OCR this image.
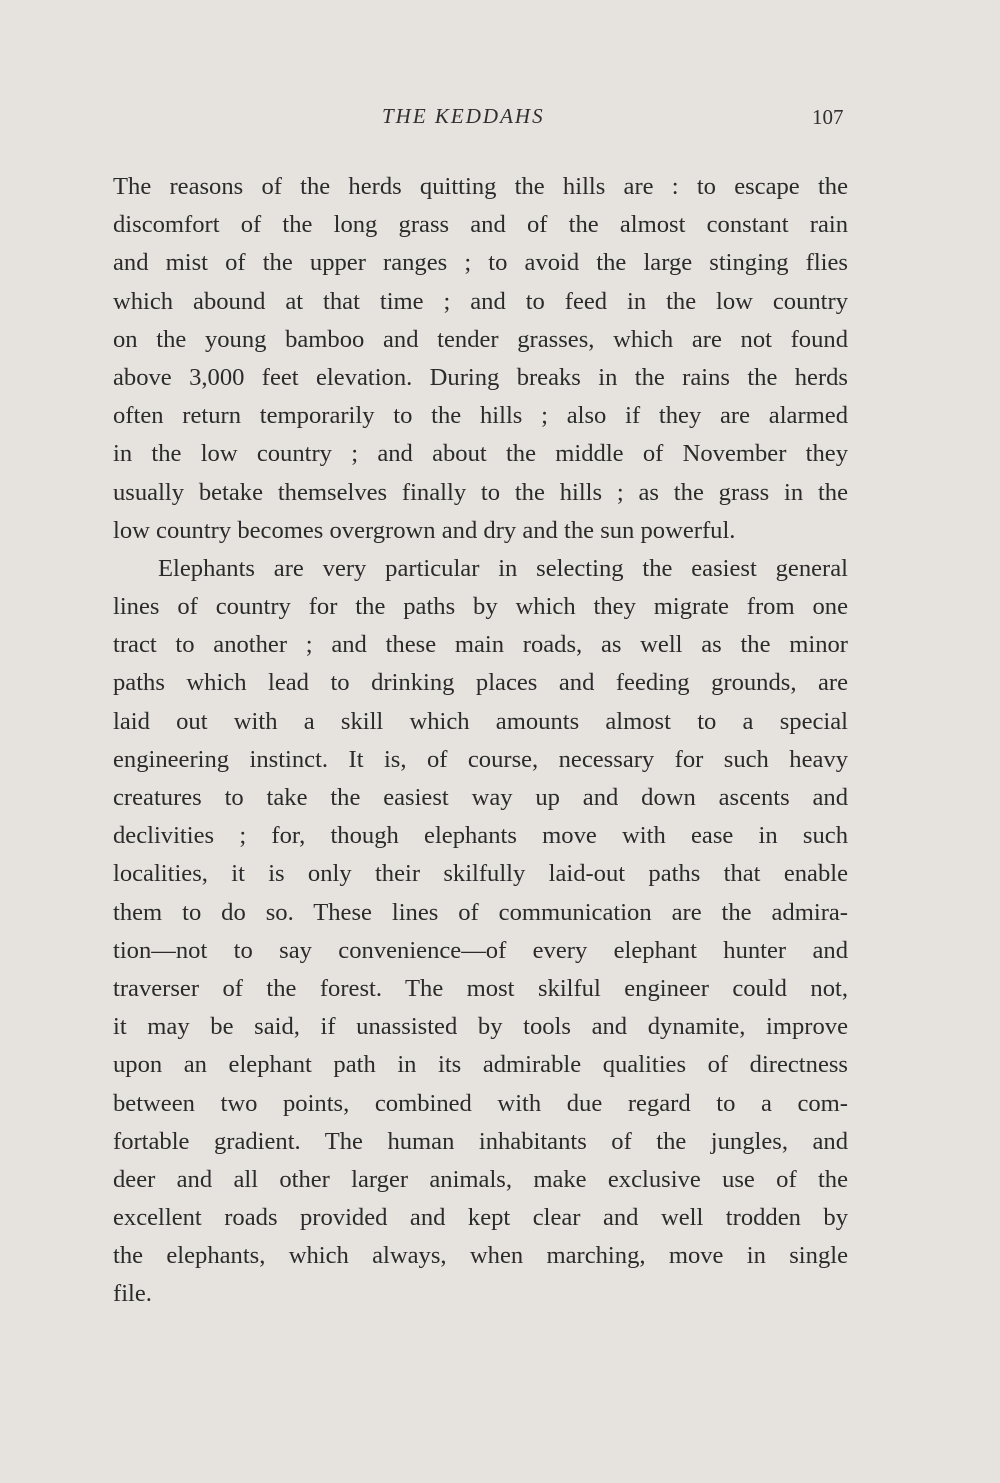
THE KEDDAHS	107
The reasons of the herds quitting the hills are : to escape the
discomfort of the long grass and of the almost constant rain
and mist of the upper ranges ; to avoid the large stinging flies
which abound at that time ; and to feed in the low country
on the young bamboo and tender grasses, which are not found
above 3,000 feet elevation. During breaks in the rains the herds
often return temporarily to the hills ; also if they are alarmed
in the low country ; and about the middle of November they
usually betake themselves finally to the hills ; as the grass in the
low country becomes overgrown and dry and the sun powerful.
Elephants are very particular in selecting the easiest general
lines of country for the paths by which they migrate from one
tract to another ; and these main roads, as well as the minor
paths which lead to drinking places and feeding grounds, are
laid out with a skill which amounts almost to a special
engineering instinct. It is, of course, necessary for such heavy
creatures to take the easiest way up and down ascents and
declivities ; for, though elephants move with ease in such
localities, it is only their skilfully laid-out paths that enable
them to do so. These lines of communication are the admira-
tion—not to say convenience—of every elephant hunter and
traverser of the forest. The most skilful engineer could not,
it may be said, if unassisted by tools and dynamite, improve
upon an elephant path in its admirable qualities of directness
between two points, combined with due regard to a com-
fortable gradient. The human inhabitants of the jungles, and
deer and all other larger animals, make exclusive use of the
excellent roads provided and kept clear and well trodden by
the elephants, which always, when marching, move in single
file.
